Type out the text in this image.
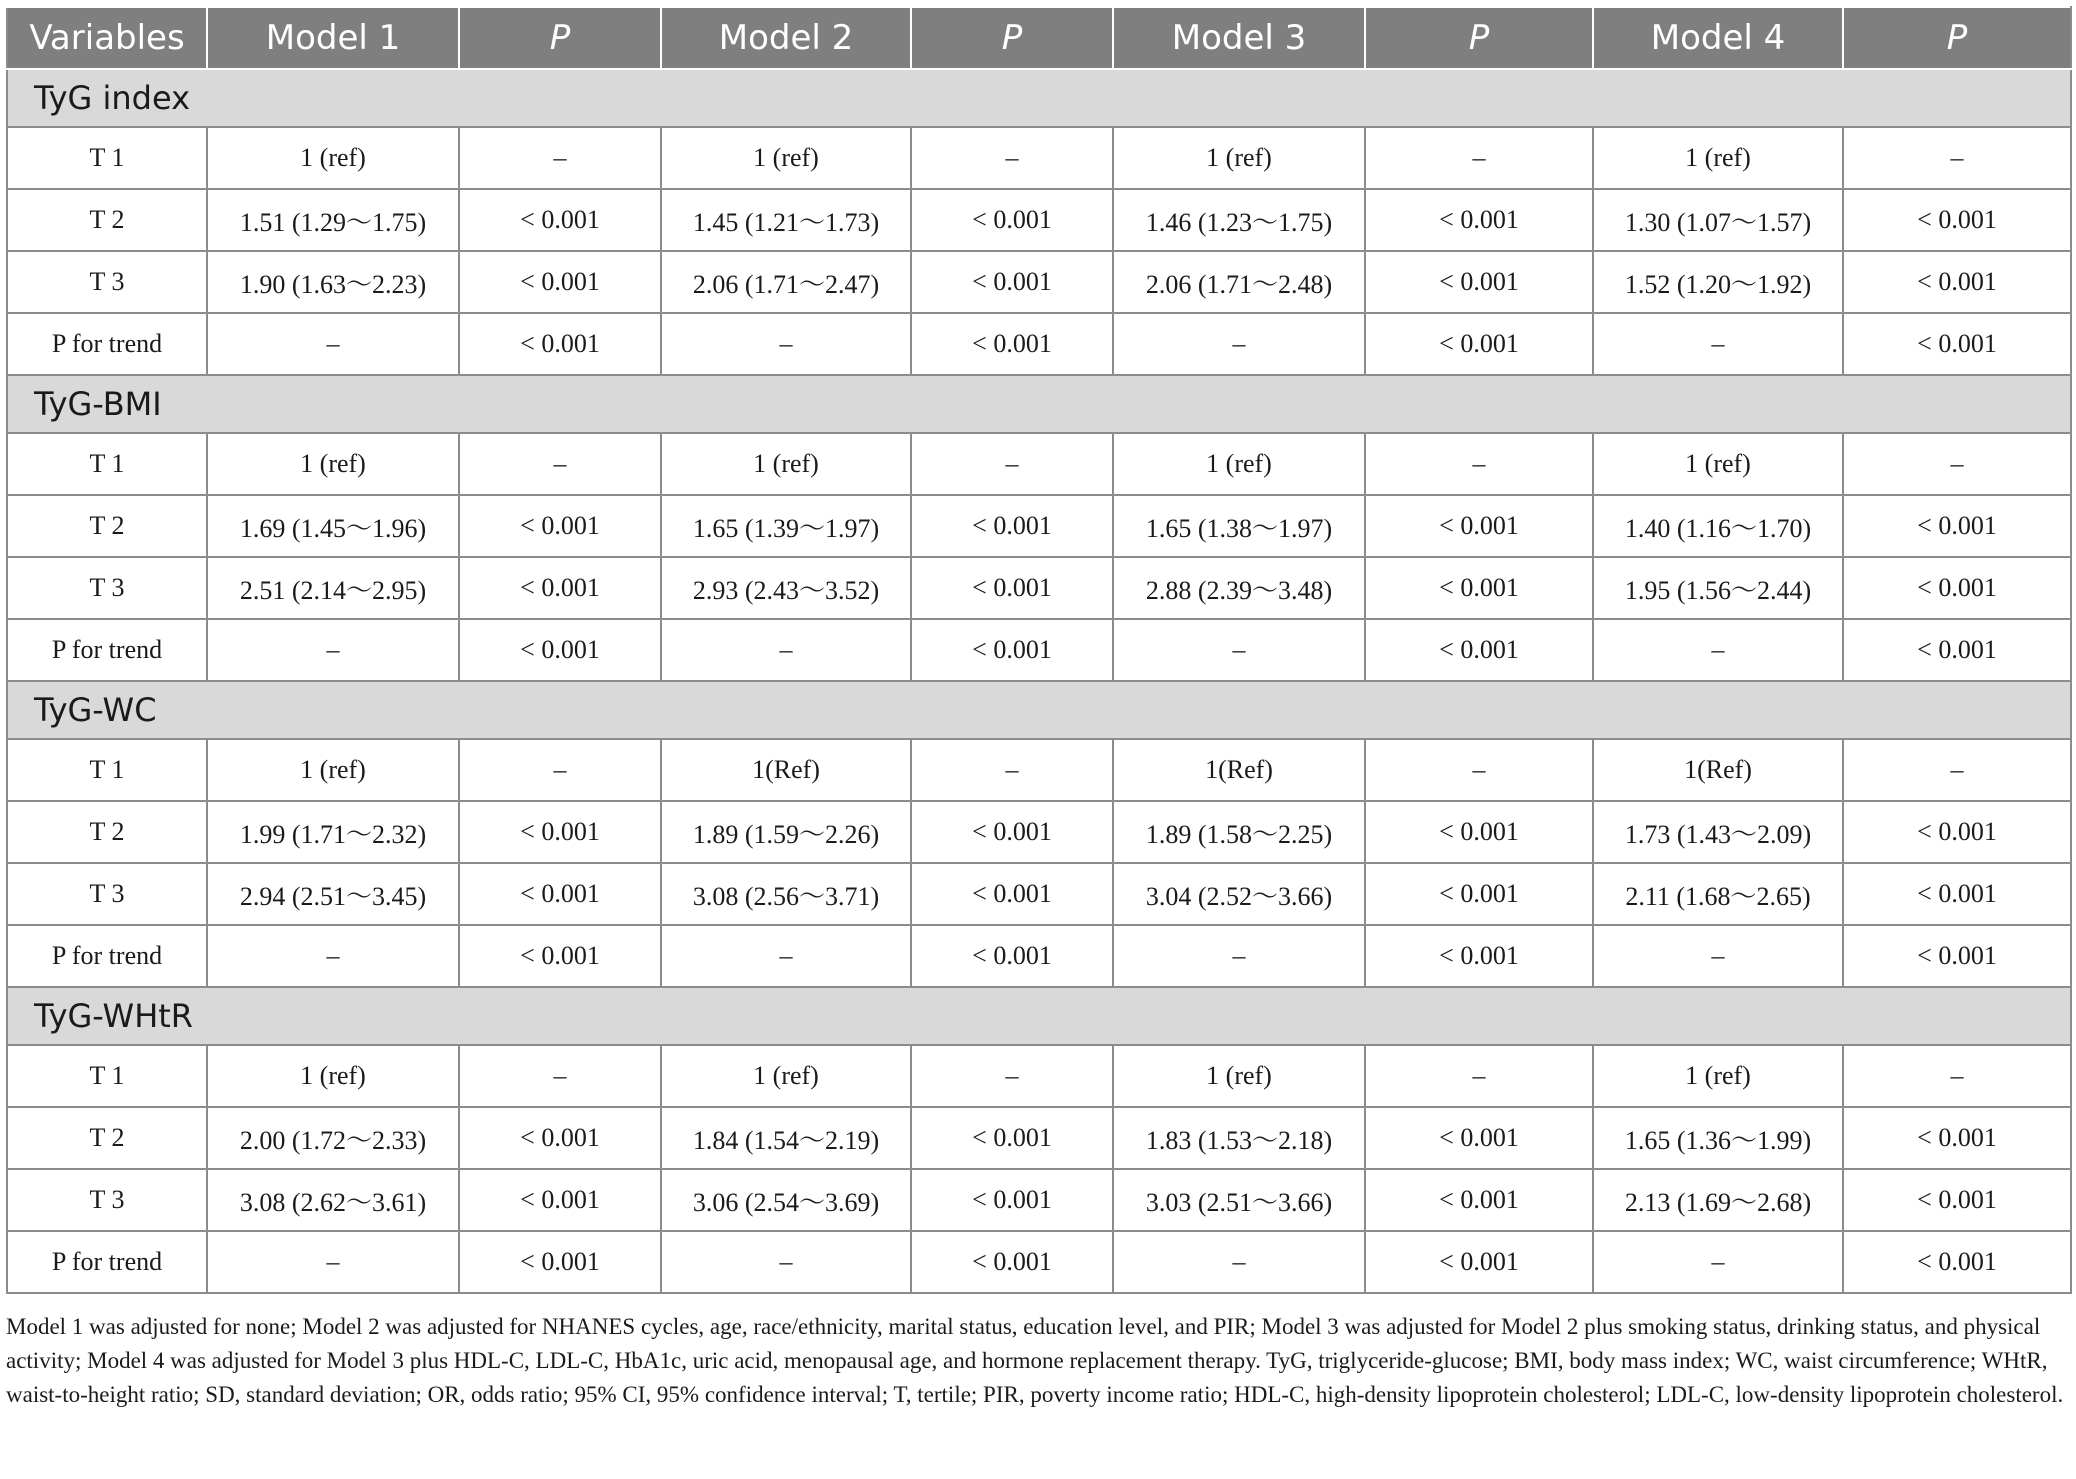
Variables	Model 1	P	Model 2	P	Model 3	P	Model 4	P
TyG index								
T 1	1 (ref)	–	1 (ref)	–	1 (ref)	–	1 (ref)	–
T 2	1.51 (1.29～1.75)	< 0.001	1.45 (1.21～1.73)	< 0.001	1.46 (1.23～1.75)	< 0.001	1.30 (1.07～1.57)	< 0.001
T 3	1.90 (1.63～2.23)	< 0.001	2.06 (1.71～2.47)	< 0.001	2.06 (1.71～2.48)	< 0.001	1.52 (1.20～1.92)	< 0.001
P for trend	–	< 0.001	–	< 0.001	–	< 0.001	–	< 0.001
TyG-BMI								
T 1	1 (ref)	–	1 (ref)	–	1 (ref)	–	1 (ref)	–
T 2	1.69 (1.45～1.96)	< 0.001	1.65 (1.39～1.97)	< 0.001	1.65 (1.38～1.97)	< 0.001	1.40 (1.16～1.70)	< 0.001
T 3	2.51 (2.14～2.95)	< 0.001	2.93 (2.43～3.52)	< 0.001	2.88 (2.39～3.48)	< 0.001	1.95 (1.56～2.44)	< 0.001
P for trend	–	< 0.001	–	< 0.001	–	< 0.001	–	< 0.001
TyG-WC								
T 1	1 (ref)	–	1(Ref)	–	1(Ref)	–	1(Ref)	–
T 2	1.99 (1.71～2.32)	< 0.001	1.89 (1.59～2.26)	< 0.001	1.89 (1.58～2.25)	< 0.001	1.73 (1.43～2.09)	< 0.001
T 3	2.94 (2.51～3.45)	< 0.001	3.08 (2.56～3.71)	< 0.001	3.04 (2.52～3.66)	< 0.001	2.11 (1.68～2.65)	< 0.001
P for trend	–	< 0.001	–	< 0.001	–	< 0.001	–	< 0.001
TyG-WHtR								
T 1	1 (ref)	–	1 (ref)	–	1 (ref)	–	1 (ref)	–
T 2	2.00 (1.72～2.33)	< 0.001	1.84 (1.54～2.19)	< 0.001	1.83 (1.53～2.18)	< 0.001	1.65 (1.36～1.99)	< 0.001
T 3	3.08 (2.62～3.61)	< 0.001	3.06 (2.54～3.69)	< 0.001	3.03 (2.51～3.66)	< 0.001	2.13 (1.69～2.68)	< 0.001
P for trend	–	< 0.001	–	< 0.001	–	< 0.001	–	< 0.001
Model 1 was adjusted for none; Model 2 was adjusted for NHANES cycles, age, race/ethnicity, marital status, education level, and PIR; Model 3 was adjusted for Model 2 plus smoking status, drinking status, and physical activity; Model 4 was adjusted for Model 3 plus HDL-C, LDL-C, HbA1c, uric acid, menopausal age, and hormone replacement therapy. TyG, triglyceride-glucose; BMI, body mass index; WC, waist circumference; WHtR, waist-to-height ratio; SD, standard deviation; OR, odds ratio; 95% CI, 95% confidence interval; T, tertile; PIR, poverty income ratio; HDL-C, high-density lipoprotein cholesterol; LDL-C, low-density lipoprotein cholesterol.
